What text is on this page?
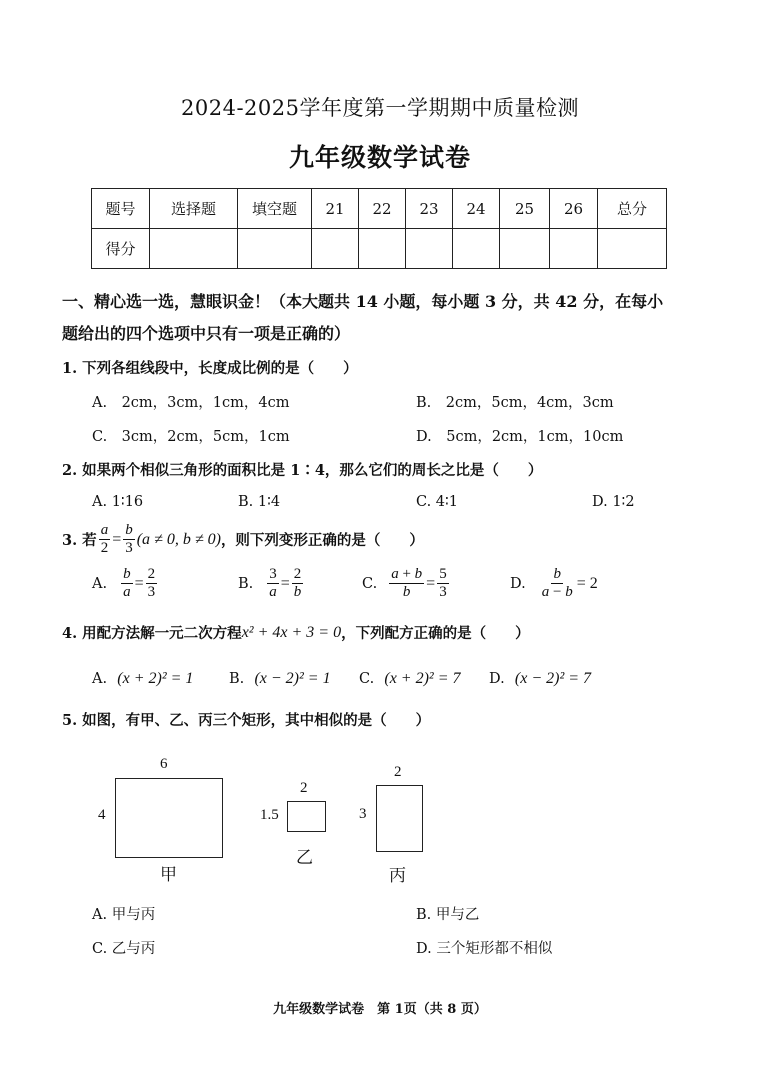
2024-2025学年度第一学期期中质量检测
九年级数学试卷
题号	选择题	填空题	21	22	23	24	25	26	总分
得分									
一、精心选一选，慧眼识金！（本大题共 14 小题，每小题 3 分，共 42 分，在每小
题给出的四个选项中只有一项是正确的）
1. 下列各组线段中，长度成比例的是（　　）
A.　2cm，3cm，1cm，4cm	B.　2cm，5cm，4cm，3cm
C.　3cm，2cm，5cm，1cm	D.　5cm，2cm，1cm，10cm
2. 如果两个相似三角形的面积比是 1∶4，那么它们的周长之比是（　　）
A. 1∶16	B. 1∶4	C. 4∶1	D. 1∶2
3. 若 $\frac{a}{2} = \frac{b}{3} (a \ne 0$, b ≠ 0) ，则下列变形正确的是（　　）
A. $\frac{b}{a} = \frac{2}{3}$	B. $\frac{3}{a} = \frac{2}{b}$	C. $\frac{a + b}{b} = \frac{5}{3}$	D. $\frac{b}{a - b} = 2$
4. 用配方法解一元二次方程 x² + 4x + 3 = 0 ，下列配方正确的是（　　）
A. (x + 2)² = 1 B. (x − 2)² = 1 C. (x + 2)² = 7 D. (x − 2)² = 7
5. 如图，有甲、乙、丙三个矩形，其中相似的是（　　）
6
4
甲
2
1.5
乙
2
3
丙
A. 甲与丙	B. 甲与乙
C. 乙与丙	D. 三个矩形都不相似
九年级数学试卷　第 1页（共 8 页）
